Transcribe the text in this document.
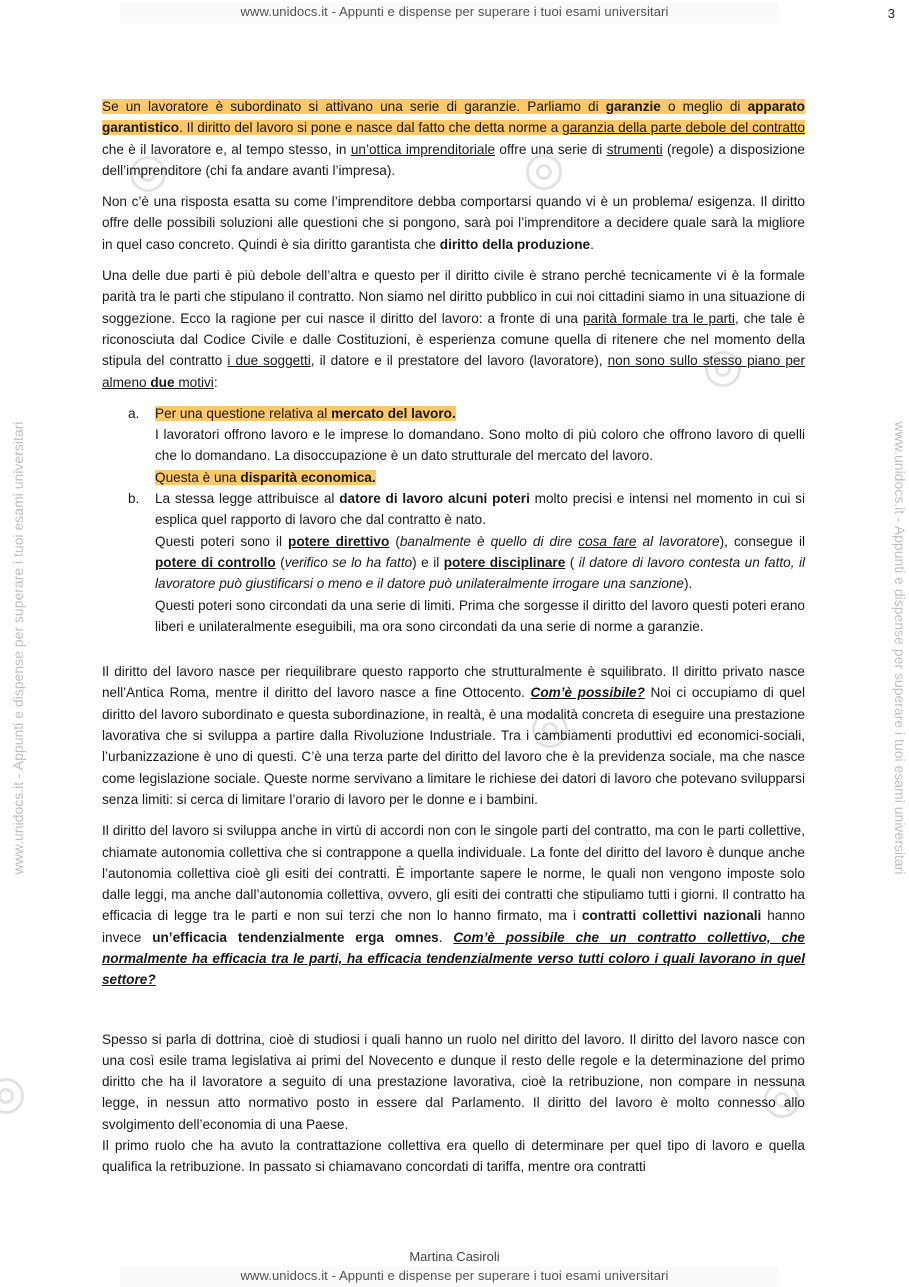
www.unidocs.it - Appunti e dispense per superare i tuoi esami universitari
www.unidocs.it - Appunti e dispense per superare i tuoi esami universitari	www.unidocs.it - Appunti e dispense per superare i tuoi esami universitari
3

Se un lavoratore è subordinato si attivano una serie di garanzie. Parliamo di garanzie o meglio di apparato garantistico. Il diritto del lavoro si pone e nasce dal fatto che detta norme a garanzia della parte debole del contratto che è il lavoratore e, al tempo stesso, in un’ottica imprenditoriale offre una serie di strumenti (regole) a disposizione dell’imprenditore (chi fa andare avanti l’impresa).

Non c’è una risposta esatta su come l’imprenditore debba comportarsi quando vi è un problema/ esigenza. Il diritto offre delle possibili soluzioni alle questioni che si pongono, sarà poi l’imprenditore a decidere quale sarà la migliore in quel caso concreto. Quindi è sia diritto garantista che diritto della produzione.

Una delle due parti è più debole dell’altra e questo per il diritto civile è strano perché tecnicamente vi è la formale parità tra le parti che stipulano il contratto. Non siamo nel diritto pubblico in cui noi cittadini siamo in una situazione di soggezione. Ecco la ragione per cui nasce il diritto del lavoro: a fronte di una parità formale tra le parti, che tale è riconosciuta dal Codice Civile e dalle Costituzioni, è esperienza comune quella di ritenere che nel momento della stipula del contratto i due soggetti, il datore e il prestatore del lavoro (lavoratore), non sono sullo stesso piano per almeno due motivi:

a. Per una questione relativa al mercato del lavoro.
I lavoratori offrono lavoro e le imprese lo domandano. Sono molto di più coloro che offrono lavoro di quelli che lo domandano. La disoccupazione è un dato strutturale del mercato del lavoro.
Questa è una disparità economica.
b. La stessa legge attribuisce al datore di lavoro alcuni poteri molto precisi e intensi nel momento in cui si esplica quel rapporto di lavoro che dal contratto è nato.
Questi poteri sono il potere direttivo (banalmente è quello di dire cosa fare al lavoratore), consegue il potere di controllo (verifico se lo ha fatto) e il potere disciplinare ( il datore di lavoro contesta un fatto, il lavoratore può giustificarsi o meno e il datore può unilateralmente irrogare una sanzione).
Questi poteri sono circondati da una serie di limiti. Prima che sorgesse il diritto del lavoro questi poteri erano liberi e unilateralmente eseguibili, ma ora sono circondati da una serie di norme a garanzie.

Il diritto del lavoro nasce per riequilibrare questo rapporto che strutturalmente è squilibrato. Il diritto privato nasce nell’Antica Roma, mentre il diritto del lavoro nasce a fine Ottocento. Com’è possibile? Noi ci occupiamo di quel diritto del lavoro subordinato e questa subordinazione, in realtà, è una modalità concreta di eseguire una prestazione lavorativa che si sviluppa a partire dalla Rivoluzione Industriale. Tra i cambiamenti produttivi ed economici-sociali, l’urbanizzazione è uno di questi. C’è una terza parte del diritto del lavoro che è la previdenza sociale, ma che nasce come legislazione sociale. Queste norme servivano a limitare le richiese dei datori di lavoro che potevano svilupparsi senza limiti: si cerca di limitare l’orario di lavoro per le donne e i bambini.

Il diritto del lavoro si sviluppa anche in virtù di accordi non con le singole parti del contratto, ma con le parti collettive, chiamate autonomia collettiva che si contrappone a quella individuale. La fonte del diritto del lavoro è dunque anche l’autonomia collettiva cioè gli esiti dei contratti. È importante sapere le norme, le quali non vengono imposte solo dalle leggi, ma anche dall’autonomia collettiva, ovvero, gli esiti dei contratti che stipuliamo tutti i giorni. Il contratto ha efficacia di legge tra le parti e non sui terzi che non lo hanno firmato, ma i contratti collettivi nazionali hanno invece un’efficacia tendenzialmente erga omnes. Com’è possibile che un contratto collettivo, che normalmente ha efficacia tra le parti, ha efficacia tendenzialmente verso tutti coloro i quali lavorano in quel settore?

Spesso si parla di dottrina, cioè di studiosi i quali hanno un ruolo nel diritto del lavoro. Il diritto del lavoro nasce con una così esile trama legislativa ai primi del Novecento e dunque il resto delle regole e la determinazione del primo diritto che ha il lavoratore a seguito di una prestazione lavorativa, cioè la retribuzione, non compare in nessuna legge, in nessun atto normativo posto in essere dal Parlamento. Il diritto del lavoro è molto connesso allo svolgimento dell’economia di una Paese.

Il primo ruolo che ha avuto la contrattazione collettiva era quello di determinare per quel tipo di lavoro e quella qualifica la retribuzione. In passato si chiamavano concordati di tariffa, mentre ora contratti

Martina Casiroli
www.unidocs.it - Appunti e dispense per superare i tuoi esami universitari
